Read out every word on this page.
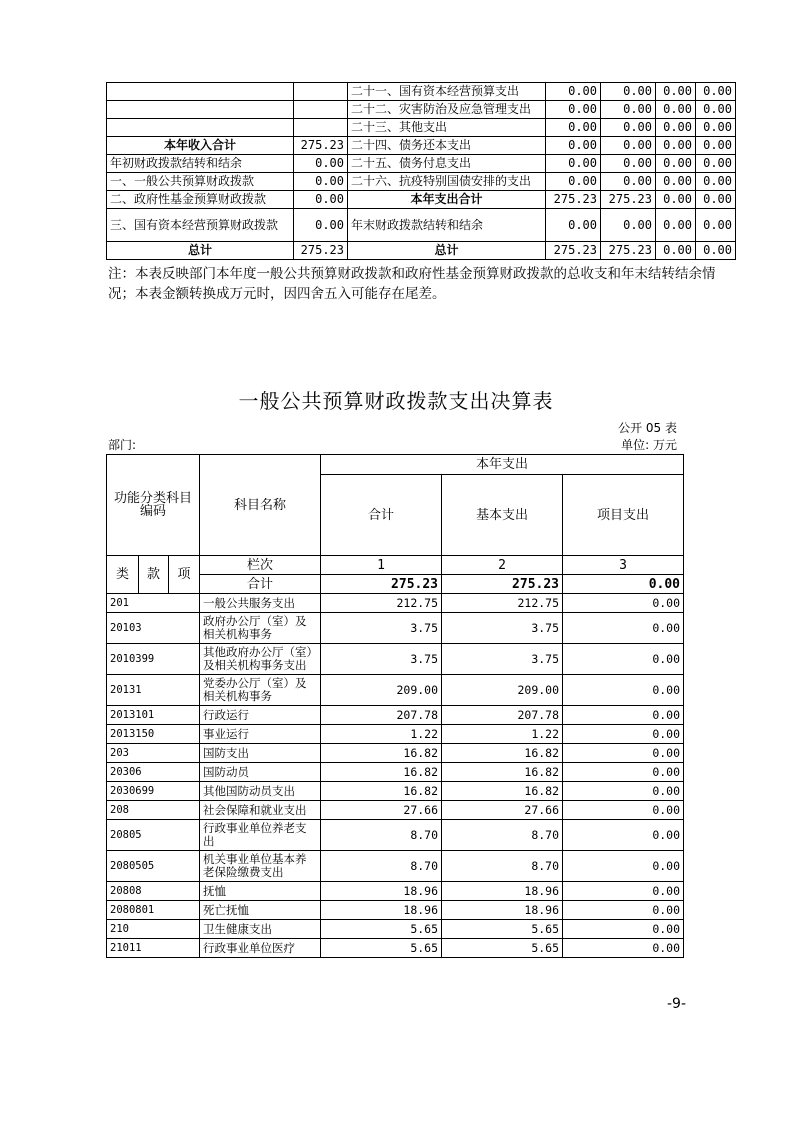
		二十一、国有资本经营预算支出	0.00	0.00	0.00	0.00
		二十二、灾害防治及应急管理支出	0.00	0.00	0.00	0.00
		二十三、其他支出	0.00	0.00	0.00	0.00
本年收入合计	275.23	二十四、债务还本支出	0.00	0.00	0.00	0.00
年初财政拨款结转和结余	0.00	二十五、债务付息支出	0.00	0.00	0.00	0.00
一、一般公共预算财政拨款	0.00	二十六、抗疫特别国债安排的支出	0.00	0.00	0.00	0.00
二、政府性基金预算财政拨款	0.00	本年支出合计	275.23	275.23	0.00	0.00
三、国有资本经营预算财政拨款	0.00	年末财政拨款结转和结余	0.00	0.00	0.00	0.00
总计	275.23	总计	275.23	275.23	0.00	0.00
注：本表反映部门本年度一般公共预算财政拨款和政府性基金预算财政拨款的总收支和年末结转结余情况；本表金额转换成万元时，因四舍五入可能存在尾差。
一般公共预算财政拨款支出决算表
公开 05 表
部门:	单位: 万元
功能分类科目编码			科目名称	本年支出		
				合计	基本支出	项目支出
类	款	项	栏次	1	2	3
			合计	275.23	275.23	0.00
201			一般公共服务支出	212.75	212.75	0.00
20103			政府办公厅（室）及相关机构事务	3.75	3.75	0.00
2010399			其他政府办公厅（室）及相关机构事务支出	3.75	3.75	0.00
20131			党委办公厅（室）及相关机构事务	209.00	209.00	0.00
2013101			行政运行	207.78	207.78	0.00
2013150			事业运行	1.22	1.22	0.00
203			国防支出	16.82	16.82	0.00
20306			国防动员	16.82	16.82	0.00
2030699			其他国防动员支出	16.82	16.82	0.00
208			社会保障和就业支出	27.66	27.66	0.00
20805			行政事业单位养老支出	8.70	8.70	0.00
2080505			机关事业单位基本养老保险缴费支出	8.70	8.70	0.00
20808			抚恤	18.96	18.96	0.00
2080801			死亡抚恤	18.96	18.96	0.00
210			卫生健康支出	5.65	5.65	0.00
21011			行政事业单位医疗	5.65	5.65	0.00
-9-
